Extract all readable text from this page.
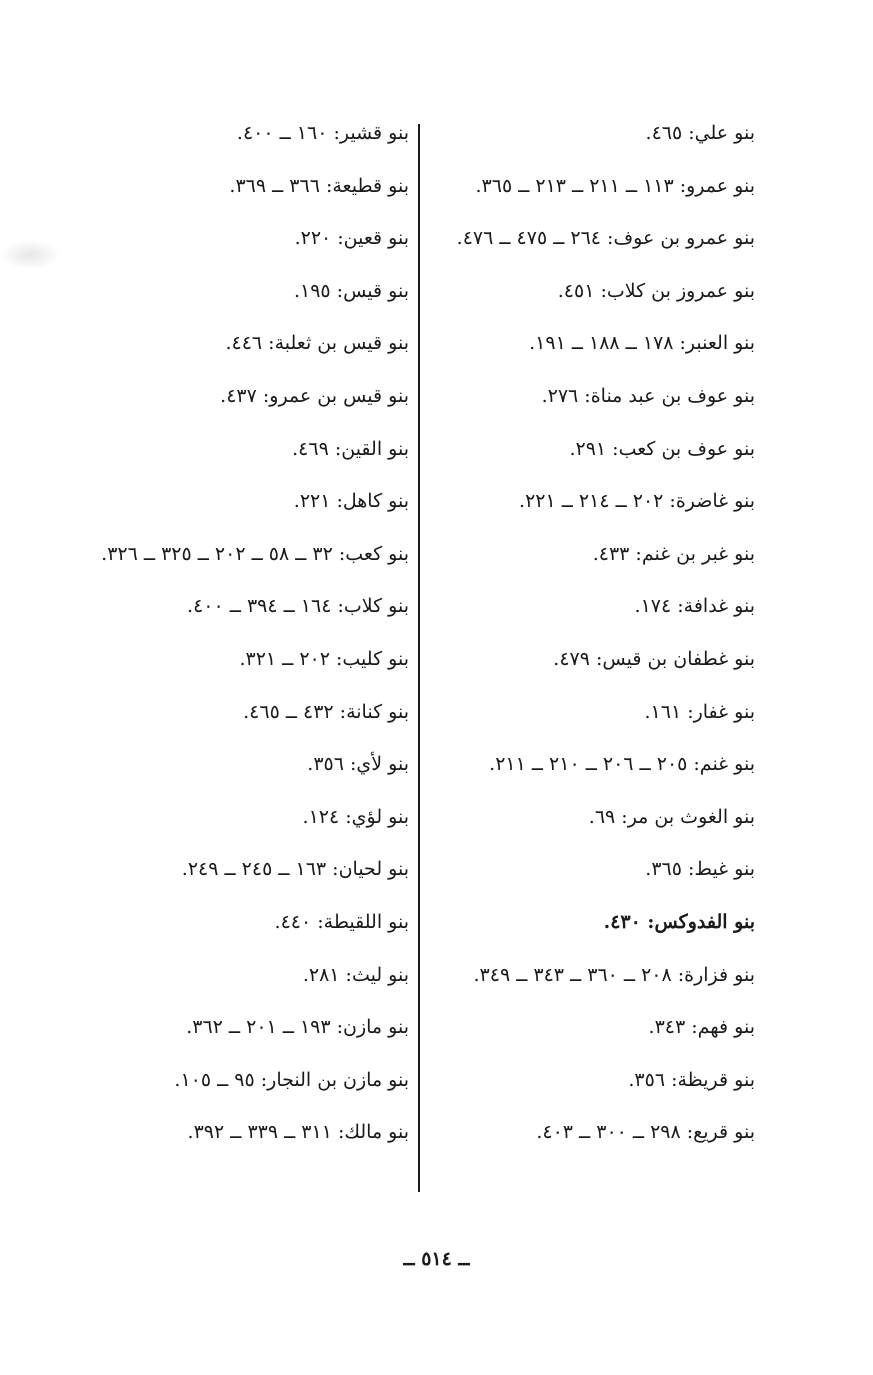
بنو علي: ٤٦٥.
بنو عمرو: ١١٣ ــ ٢١١ ــ ٢١٣ ــ ٣٦٥.
بنو عمرو بن عوف: ٢٦٤ ــ ٤٧٥ ــ ٤٧٦.
بنو عمروز بن كلاب: ٤٥١.
بنو العنبر: ١٧٨ ــ ١٨٨ ــ ١٩١.
بنو عوف بن عبد مناة: ٢٧٦.
بنو عوف بن كعب: ٢٩١.
بنو غاضرة: ٢٠٢ ــ ٢١٤ ــ ٢٢١.
بنو غبر بن غنم: ٤٣٣.
بنو غدافة: ١٧٤.
بنو غطفان بن قيس: ٤٧٩.
بنو غفار: ١٦١.
بنو غنم: ٢٠٥ ــ ٢٠٦ ــ ٢١٠ ــ ٢١١.
بنو الغوث بن مر: ٦٩.
بنو غيط: ٣٦٥.
بنو الفدوكس: ٤٣٠.
بنو فزارة: ٢٠٨ ــ ٣٦٠ ــ ٣٤٣ ــ ٣٤٩.
بنو فهم: ٣٤٣.
بنو قريظة: ٣٥٦.
بنو قريع: ٢٩٨ ــ ٣٠٠ ــ ٤٠٣.
بنو قشير: ١٦٠ ــ ٤٠٠.
بنو قطيعة: ٣٦٦ ــ ٣٦٩.
بنو قعين: ٢٢٠.
بنو قيس: ١٩٥.
بنو قيس بن ثعلبة: ٤٤٦.
بنو قيس بن عمرو: ٤٣٧.
بنو القين: ٤٦٩.
بنو كاهل: ٢٢١.
بنو كعب: ٣٢ ــ ٥٨ ــ ٢٠٢ ــ ٣٢٥ ــ ٣٢٦.
بنو كلاب: ١٦٤ ــ ٣٩٤ ــ ٤٠٠.
بنو كليب: ٢٠٢ ــ ٣٢١.
بنو كنانة: ٤٣٢ ــ ٤٦٥.
بنو لأي: ٣٥٦.
بنو لؤي: ١٢٤.
بنو لحيان: ١٦٣ ــ ٢٤٥ ــ ٢٤٩.
بنو اللقيطة: ٤٤٠.
بنو ليث: ٢٨١.
بنو مازن: ١٩٣ ــ ٢٠١ ــ ٣٦٢.
بنو مازن بن النجار: ٩٥ ــ ١٠٥.
بنو مالك: ٣١١ ــ ٣٣٩ ــ ٣٩٢.
ــ ٥١٤ ــ
